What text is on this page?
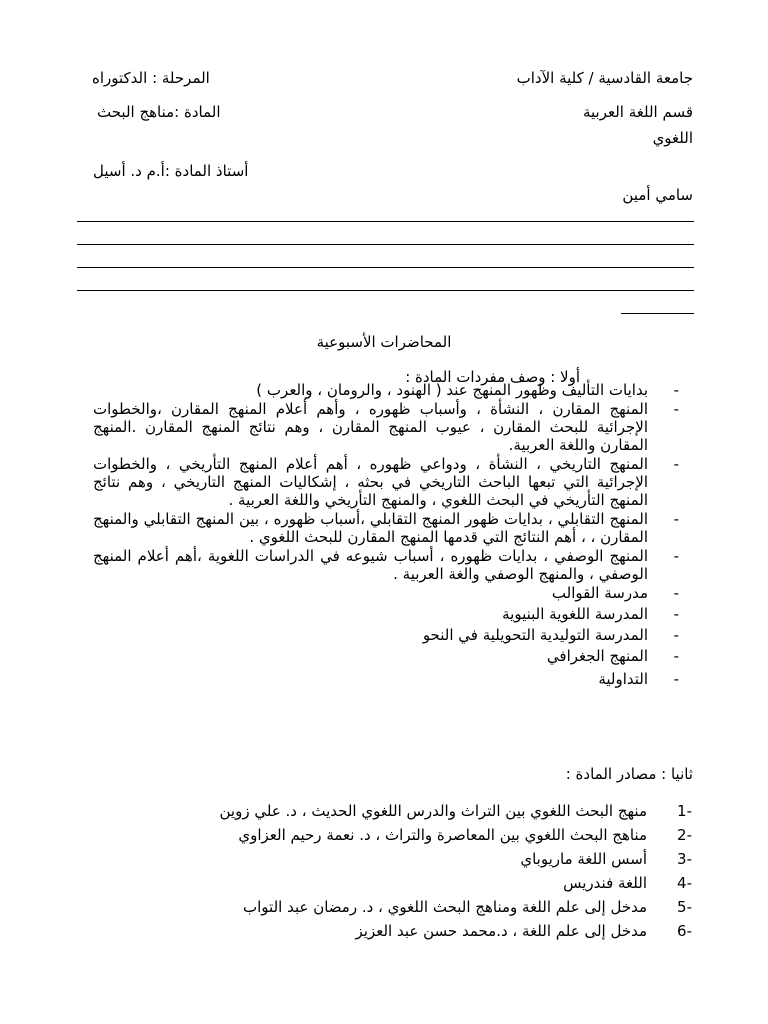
جامعة القادسية / كلية الآداب
المرحلة : الدكتوراه
قسم اللغة العربية
المادة :مناهج البحث
اللغوي
أستاذ المادة :أ.م د. أسيل
سامي أمين
المحاضرات الأسبوعية
أولا : وصف مفردات المادة :
-
بدايات التأليف وظهور المنهج عند ( الهنود ، والرومان ، والعرب )
-
المنهج المقارن ، النشأة ، وأسباب ظهوره ، وأهم أعلام المنهج المقارن ،والخطوات الإجرائية للبحث المقارن ، عيوب المنهج المقارن ، وهم نتائج المنهج المقارن .المنهج المقارن واللغة العربية.
-
المنهج التاريخي ، النشأة ، ودواعي ظهوره ، أهم أعلام المنهج التأريخي ، والخطوات الإجرائية التي تبعها الباحث التاريخي في بحثه ، إشكاليات المنهج التاريخي ، وهم نتائج المنهج التأريخي في البحث اللغوي ، والمنهج التأريخي واللغة العربية .
-
المنهج التقابلي ، بدايات ظهور المنهج التقابلي ،أسباب ظهوره ، بين المنهج التقابلي والمنهج المقارن ، ، أهم النتائج التي قدمها المنهج المقارن للبحث اللغوي .
-
المنهج الوصفي ، بدايات ظهوره ، أسباب شيوعه في الدراسات اللغوية ،أهم أعلام المنهج الوصفي ، والمنهج الوصفي والغة العربية .
-
مدرسة القوالب
-
المدرسة اللغوية البنيوية
-
المدرسة التوليدية التحويلية في النحو
-
المنهج الجغرافي
-
التداولية
ثانيا : مصادر المادة :
1-
منهج البحث اللغوي بين التراث والدرس اللغوي الحديث ، د. علي زوين
2-
مناهج البحث اللغوي بين المعاصرة والتراث ، د. نعمة رحيم العزاوي
3-
أسس اللغة ماريوباي
4-
اللغة فندريس
5-
مدخل إلى علم اللغة ومناهج البحث اللغوي ، د. رمضان عبد التواب
6-
مدخل إلى علم اللغة ، د.محمد حسن عبد العزيز
